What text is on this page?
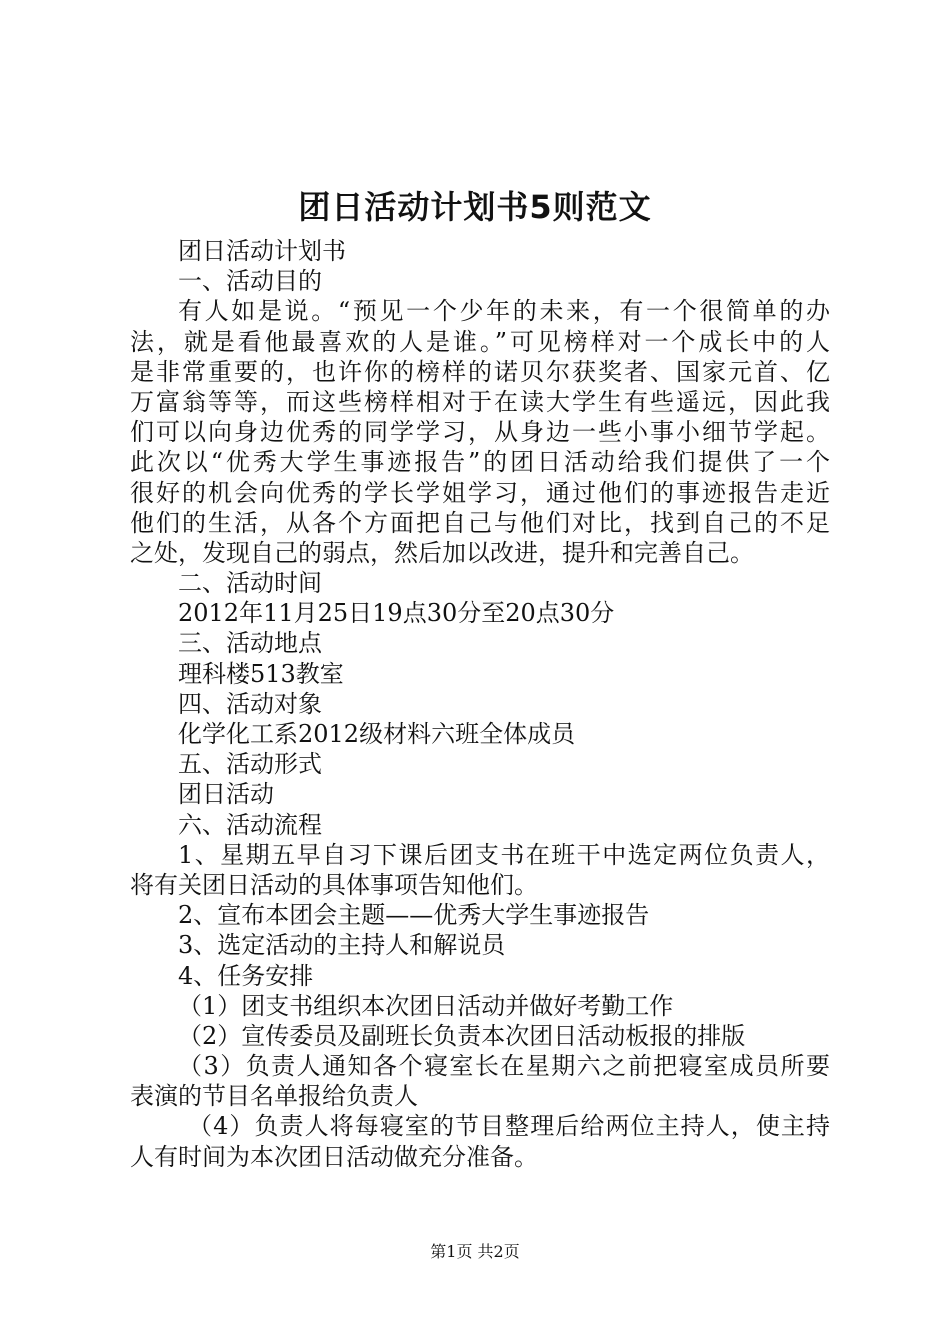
团日活动计划书5则范文
团日活动计划书
一、活动目的
有人如是说。“预见一个少年的未来，有一个很简单的办
法，就是看他最喜欢的人是谁。”可见榜样对一个成长中的人
是非常重要的，也许你的榜样的诺贝尔获奖者、国家元首、亿
万富翁等等，而这些榜样相对于在读大学生有些遥远，因此我
们可以向身边优秀的同学学习，从身边一些小事小细节学起。
此次以“优秀大学生事迹报告”的团日活动给我们提供了一个
很好的机会向优秀的学长学姐学习，通过他们的事迹报告走近
他们的生活，从各个方面把自己与他们对比，找到自己的不足
之处，发现自己的弱点，然后加以改进，提升和完善自己。
二、活动时间
2012年11月25日19点30分至20点30分
三、活动地点
理科楼513教室
四、活动对象
化学化工系2012级材料六班全体成员
五、活动形式
团日活动
六、活动流程
1、星期五早自习下课后团支书在班干中选定两位负责人，
将有关团日活动的具体事项告知他们。
2、宣布本团会主题——优秀大学生事迹报告
3、选定活动的主持人和解说员
4、任务安排
（1）团支书组织本次团日活动并做好考勤工作
（2）宣传委员及副班长负责本次团日活动板报的排版
（3）负责人通知各个寝室长在星期六之前把寝室成员所要
表演的节目名单报给负责人
（4）负责人将每寝室的节目整理后给两位主持人，使主持
人有时间为本次团日活动做充分准备。
第1页 共2页
